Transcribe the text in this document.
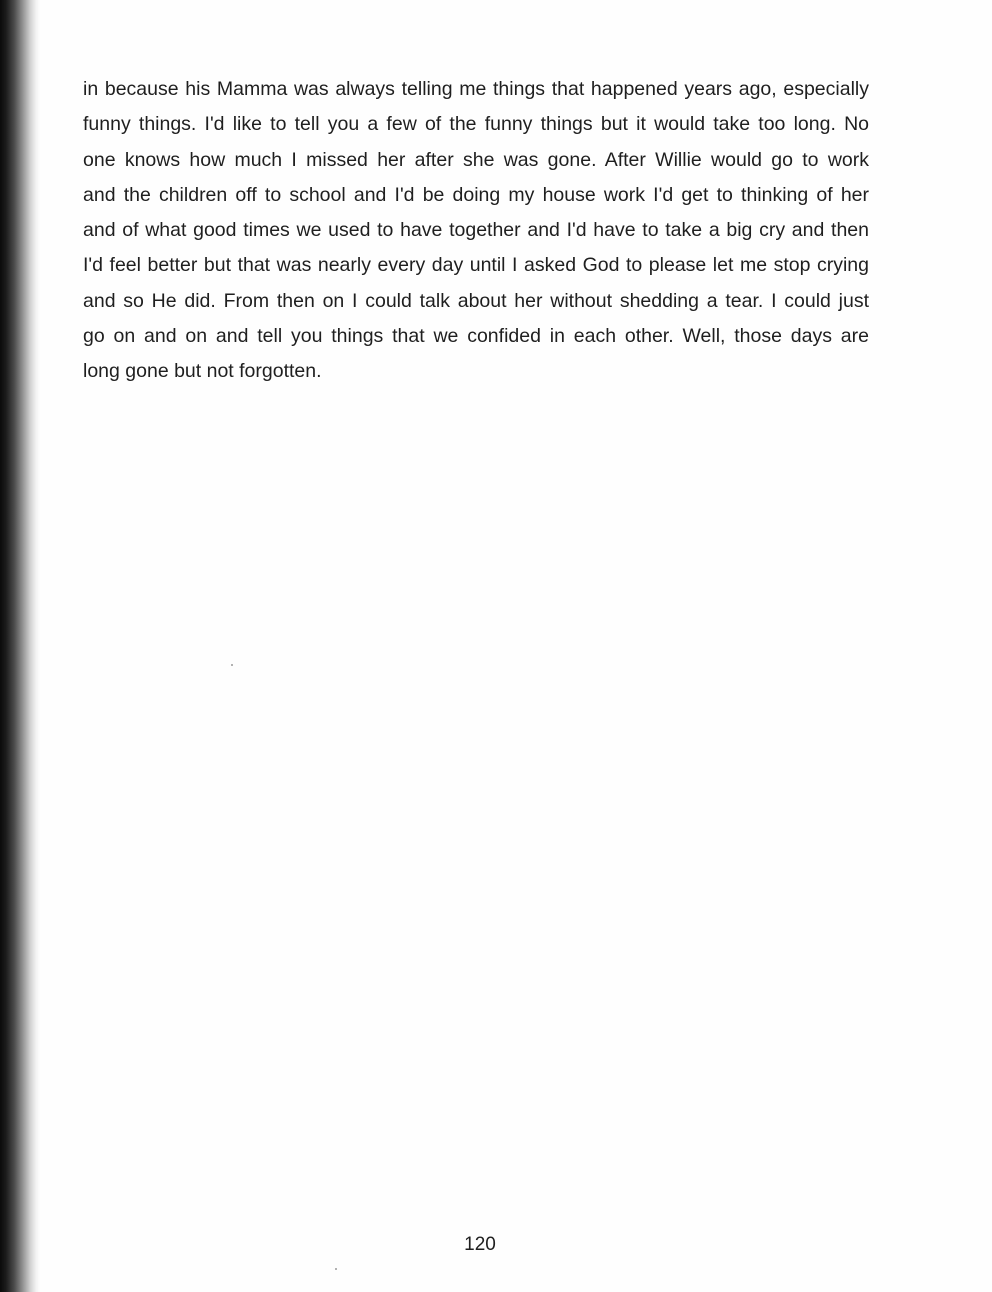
in because his Mamma was always telling me things that happened years ago, especially
funny things. I'd like to tell you a few of the funny things but it would take too long. No
one knows how much I missed her after she was gone. After Willie would go to work
and the children off to school and I'd be doing my house work I'd get to thinking of her
and of what good times we used to have together and I'd have to take a big cry and then
I'd feel better but that was nearly every day until I asked God to please let me stop crying
and so He did. From then on I could talk about her without shedding a tear. I could just
go on and on and tell you things that we confided in each other. Well, those days are
long gone but not forgotten.
120
